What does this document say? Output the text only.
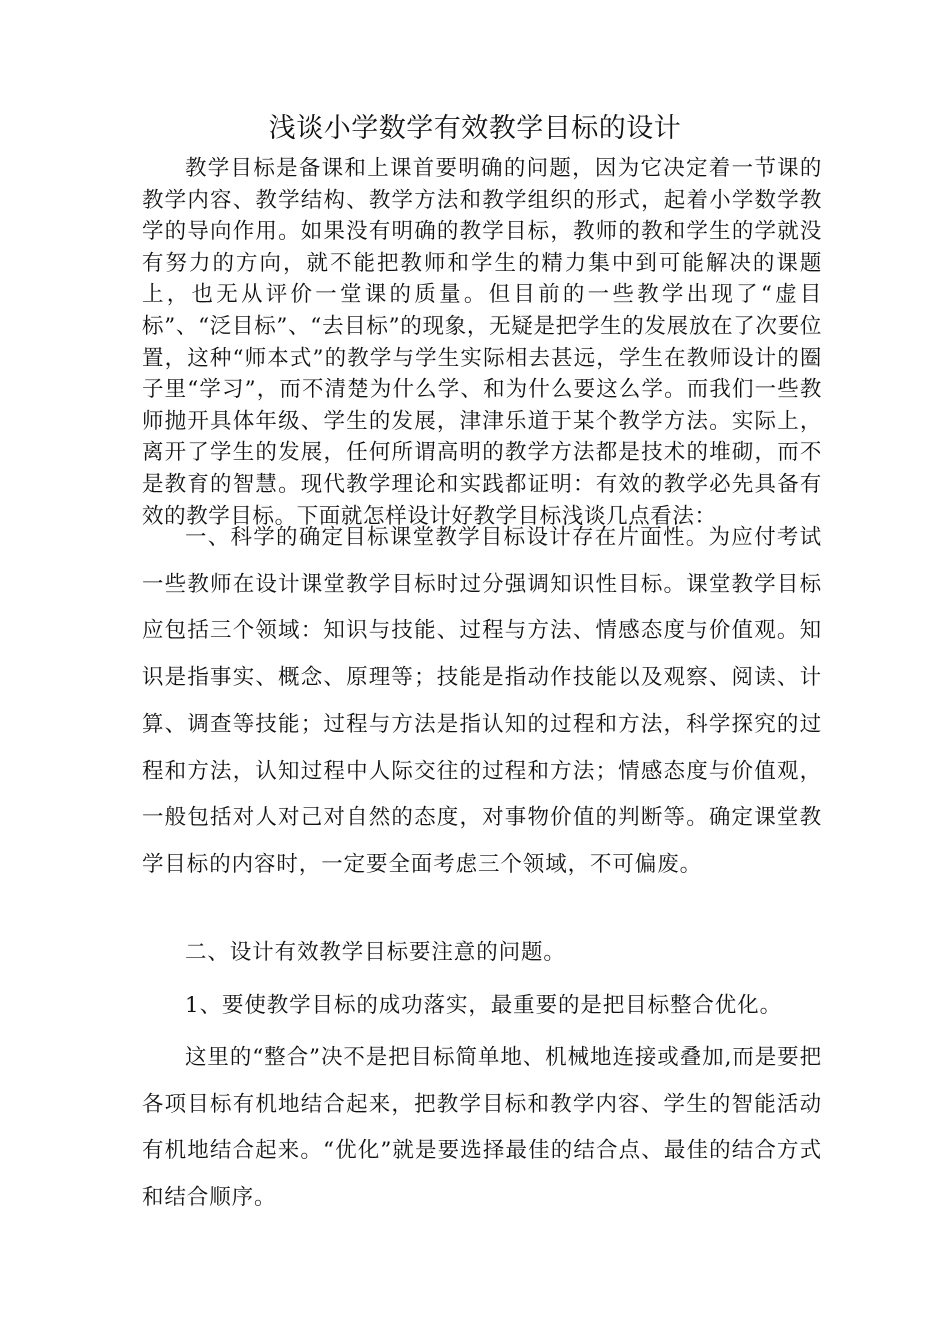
浅谈小学数学有效教学目标的设计

教学目标是备课和上课首要明确的问题，因为它决定着一节课的教学内容、教学结构、教学方法和教学组织的形式，起着小学数学教学的导向作用。如果没有明确的教学目标，教师的教和学生的学就没有努力的方向，就不能把教师和学生的精力集中到可能解决的课题上，也无从评价一堂课的质量。但目前的一些教学出现了“虚目标”、“泛目标”、“去目标”的现象，无疑是把学生的发展放在了次要位置，这种“师本式”的教学与学生实际相去甚远，学生在教师设计的圈子里“学习”，而不清楚为什么学、和为什么要这么学。而我们一些教师抛开具体年级、学生的发展，津津乐道于某个教学方法。实际上，离开了学生的发展，任何所谓高明的教学方法都是技术的堆砌，而不是教育的智慧。现代教学理论和实践都证明：有效的教学必先具备有效的教学目标。下面就怎样设计好教学目标浅谈几点看法：

一、科学的确定目标课堂教学目标设计存在片面性。为应付考试一些教师在设计课堂教学目标时过分强调知识性目标。课堂教学目标应包括三个领域：知识与技能、过程与方法、情感态度与价值观。知识是指事实、概念、原理等；技能是指动作技能以及观察、阅读、计算、调查等技能；过程与方法是指认知的过程和方法，科学探究的过程和方法，认知过程中人际交往的过程和方法；情感态度与价值观，一般包括对人对己对自然的态度，对事物价值的判断等。确定课堂教学目标的内容时，一定要全面考虑三个领域，不可偏废。

二、设计有效教学目标要注意的问题。

1、要使教学目标的成功落实，最重要的是把目标整合优化。

这里的“整合”决不是把目标简单地、机械地连接或叠加,而是要把各项目标有机地结合起来，把教学目标和教学内容、学生的智能活动有机地结合起来。“优化”就是要选择最佳的结合点、最佳的结合方式和结合顺序。
